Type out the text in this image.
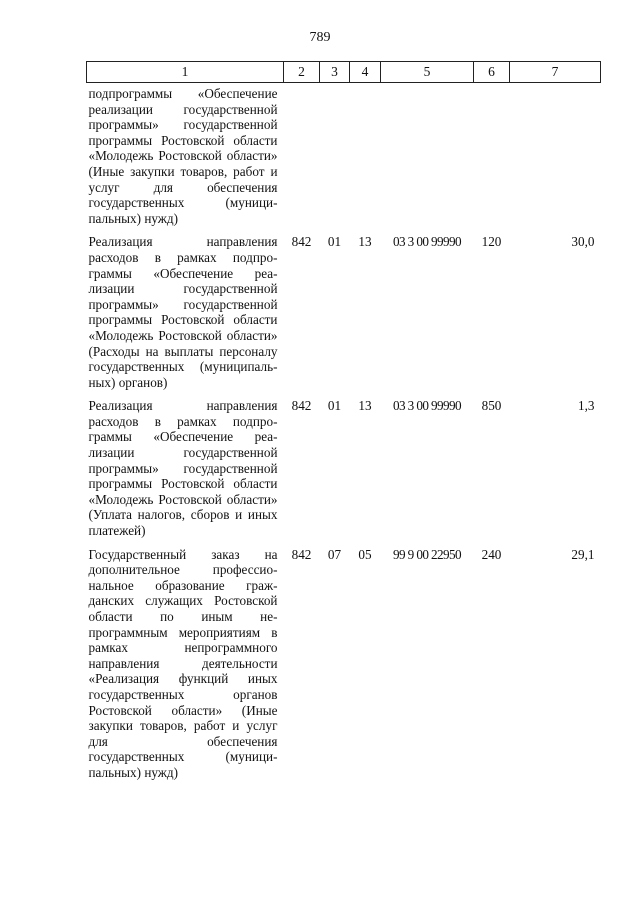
789
1	2	3	4	5	6	7
подпрограммы «Обеспечение реализации государственной программы» государственной программы Ростовской области «Молодежь Ростовской области» (Иные закупки товаров, работ и услуг для обеспечения государственных (муниципальных) нужд)						
Реализация направления расходов в рамках подпрограммы «Обеспечение реализации государственной программы» государственной программы Ростовской области «Молодежь Ростовской области» (Расходы на выплаты персоналу государственных (муниципальных) органов)	842	01	13	03 3 00 99990	120	30,0
Реализация направления расходов в рамках подпрограммы «Обеспечение реализации государственной программы» государственной программы Ростовской области «Молодежь Ростовской области» (Уплата налогов, сборов и иных платежей)	842	01	13	03 3 00 99990	850	1,3
Государственный заказ на дополнительное профессиональное образование гражданских служащих Ростовской области по иным непрограммным мероприятиям в рамках непрограммного направления деятельности «Реализация функций иных государственных органов Ростовской области» (Иные закупки товаров, работ и услуг для обеспечения государственных (муниципальных) нужд)	842	07	05	99 9 00 22950	240	29,1
